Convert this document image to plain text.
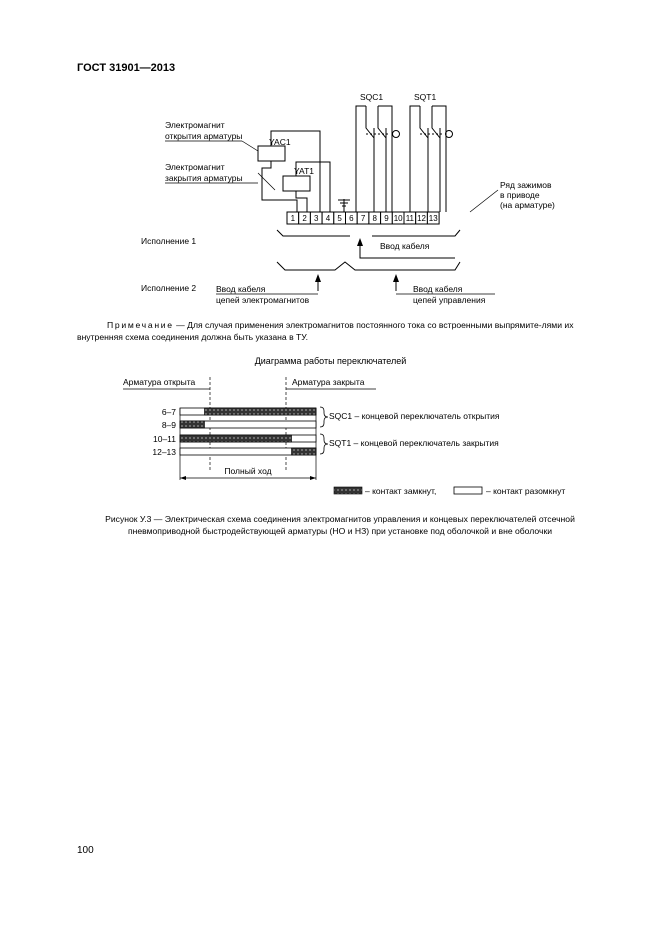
ГОСТ 31901—2013
Электромагнит
открытия арматуры
Электромагнит
закрытия арматуры
YAC1
YAT1
SQC1	SQT1
1 2 3 4 5 6 7 8 9 10 11 12 13
Ряд зажимов
в приводе
(на арматуре)
Исполнение 1	Ввод кабеля
Исполнение 2 Ввод кабеля
цепей электромагнитов
Ввод кабеля
цепей управления
Арматура открыта	Арматура закрыта
6–7
8–9
10–11
12–13
SQC1 – концевой переключатель открытия
SQT1 – концевой переключатель закрытия
Полный ход
– контакт замкнут,	– контакт разомкнут
Примечание — Для случая применения электромагнитов постоянного тока со встроенными выпрямите-лями их внутренняя схема соединения должна быть указана в ТУ.
Диаграмма работы переключателей
Рисунок У.3 — Электрическая схема соединения электромагнитов управления и концевых переключателей отсечной пневмоприводной быстродействующей арматуры (НО и НЗ) при установке под оболочкой и вне оболочки
100
